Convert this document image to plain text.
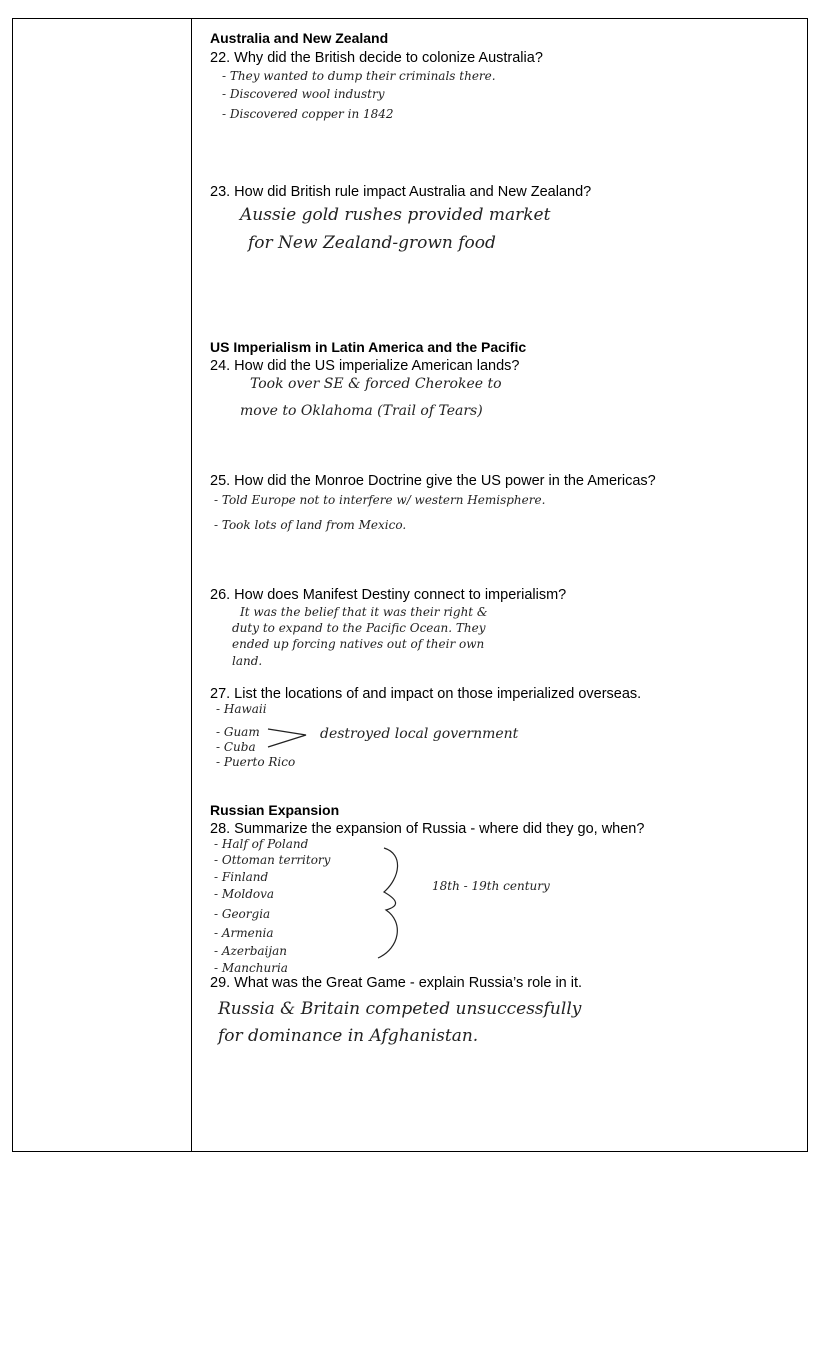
Australia and New Zealand
22. Why did the British decide to colonize Australia?
- They wanted to dump their criminals there.
- Discovered wool industry
- Discovered copper in 1842
23. How did British rule impact Australia and New Zealand?
Aussie gold rushes provided market
for New Zealand-grown food
US Imperialism in Latin America and the Pacific
24. How did the US imperialize American lands?
Took over SE & forced Cherokee to
move to Oklahoma (Trail of Tears)
25. How did the Monroe Doctrine give the US power in the Americas?
- Told Europe not to interfere w/ western Hemisphere.
- Took lots of land from Mexico.
26. How does Manifest Destiny connect to imperialism?
It was the belief that it was their right &
duty to expand to the Pacific Ocean. They
ended up forcing natives out of their own
land.
27. List the locations of and impact on those imperialized overseas.
- Hawaii
- Guam
- Cuba
- Puerto Rico
destroyed local government
Russian Expansion
28. Summarize the expansion of Russia - where did they go, when?
- Half of Poland
- Ottoman territory
- Finland
- Moldova
- Georgia
- Armenia
- Azerbaijan
- Manchuria
18th - 19th century
29. What was the Great Game - explain Russia’s role in it.
Russia & Britain competed unsuccessfully
for dominance in Afghanistan.
